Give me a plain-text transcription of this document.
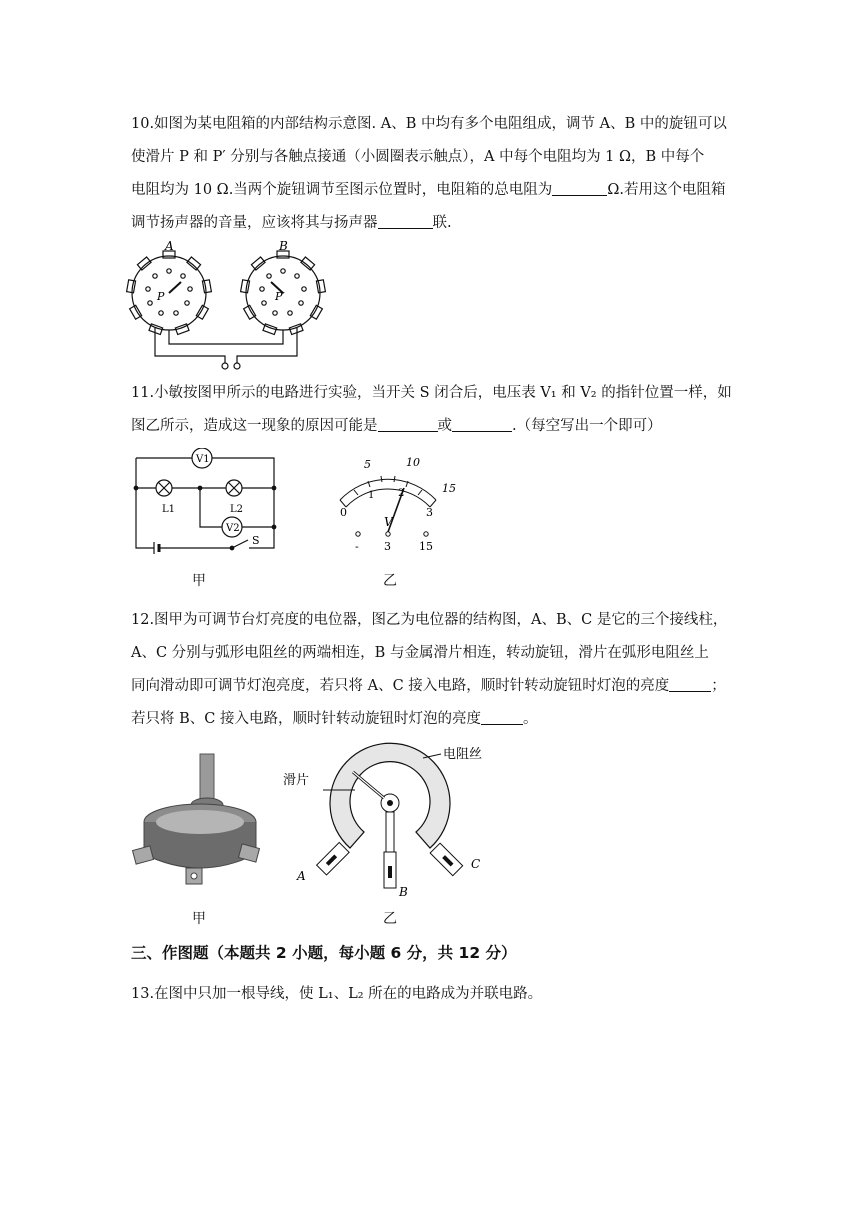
10.如图为某电阻箱的内部结构示意图. A、B 中均有多个电阻组成，调节 A、B 中的旋钮可以

使滑片 P 和 P′ 分别与各触点接通（小圆圈表示触点），A 中每个电阻均为 1 Ω，B 中每个

电阻均为 10 Ω.当两个旋钮调节至图示位置时，电阻箱的总电阻为	Ω.若用这个电阻箱

调节扬声器的音量，应该将其与扬声器	联.

A	B
P	P′

11.小敏按图甲所示的电路进行实验，当开关 S 闭合后，电压表 V₁ 和 V₂ 的指针位置一样，如

图乙所示，造成这一现象的原因可能是	或	.（每空写出一个即可）

V1
V2
L1	L2
S
甲
5	10
15
0
1 2
3
V
- 3	15
乙

12.图甲为可调节台灯亮度的电位器，图乙为电位器的结构图，A、B、C 是它的三个接线柱，

A、C 分别与弧形电阻丝的两端相连，B 与金属滑片相连，转动旋钮，滑片在弧形电阻丝上

同向滑动即可调节灯泡亮度，若只将 A、C 接入电路，顺时针转动旋钮时灯泡的亮度	；

若只将 B、C 接入电路，顺时针转动旋钮时灯泡的亮度	。

甲
滑片
电阻丝
A
B
C
乙
三、作图题（本题共 2 小题，每小题 6 分，共 12 分）

13.在图中只加一根导线，使 L₁、L₂ 所在的电路成为并联电路。
